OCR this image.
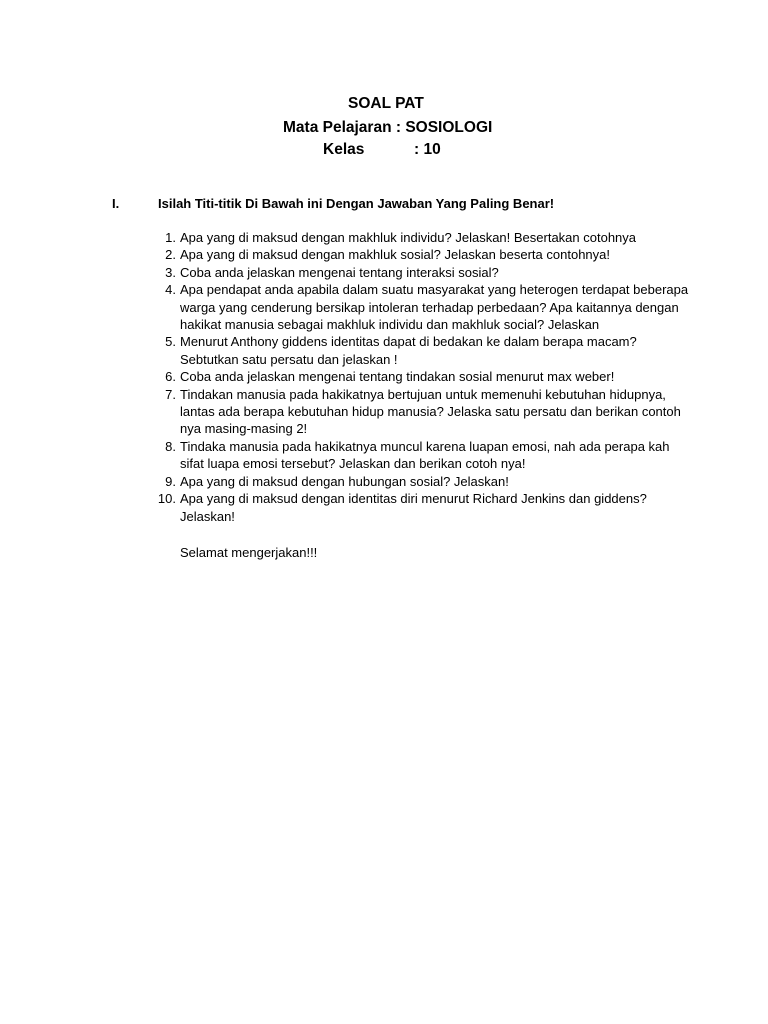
SOAL PAT
Mata Pelajaran : SOSIOLOGI
Kelas	: 10
I.	Isilah Titi-titik Di Bawah ini Dengan Jawaban Yang Paling Benar!
1. Apa yang di maksud dengan makhluk individu? Jelaskan! Besertakan cotohnya
2. Apa yang di maksud dengan makhluk sosial? Jelaskan beserta contohnya!
3. Coba anda jelaskan mengenai tentang interaksi sosial?
4. Apa pendapat anda apabila dalam suatu masyarakat yang heterogen terdapat beberapa
warga yang cenderung bersikap intoleran terhadap perbedaan? Apa kaitannya dengan
hakikat manusia sebagai makhluk individu dan makhluk social? Jelaskan
5. Menurut Anthony giddens identitas dapat di bedakan ke dalam berapa macam?
Sebtutkan satu persatu dan jelaskan !
6. Coba anda jelaskan mengenai tentang tindakan sosial menurut max weber!
7. Tindakan manusia pada hakikatnya bertujuan untuk memenuhi kebutuhan hidupnya,
lantas ada berapa kebutuhan hidup manusia? Jelaska satu persatu dan berikan contoh
nya masing-masing 2!
8. Tindaka manusia pada hakikatnya muncul karena luapan emosi, nah ada perapa kah
sifat luapa emosi tersebut? Jelaskan dan berikan cotoh nya!
9. Apa yang di maksud dengan hubungan sosial? Jelaskan!
10. Apa yang di maksud dengan identitas diri menurut Richard Jenkins dan giddens?
Jelaskan!
Selamat mengerjakan!!!
